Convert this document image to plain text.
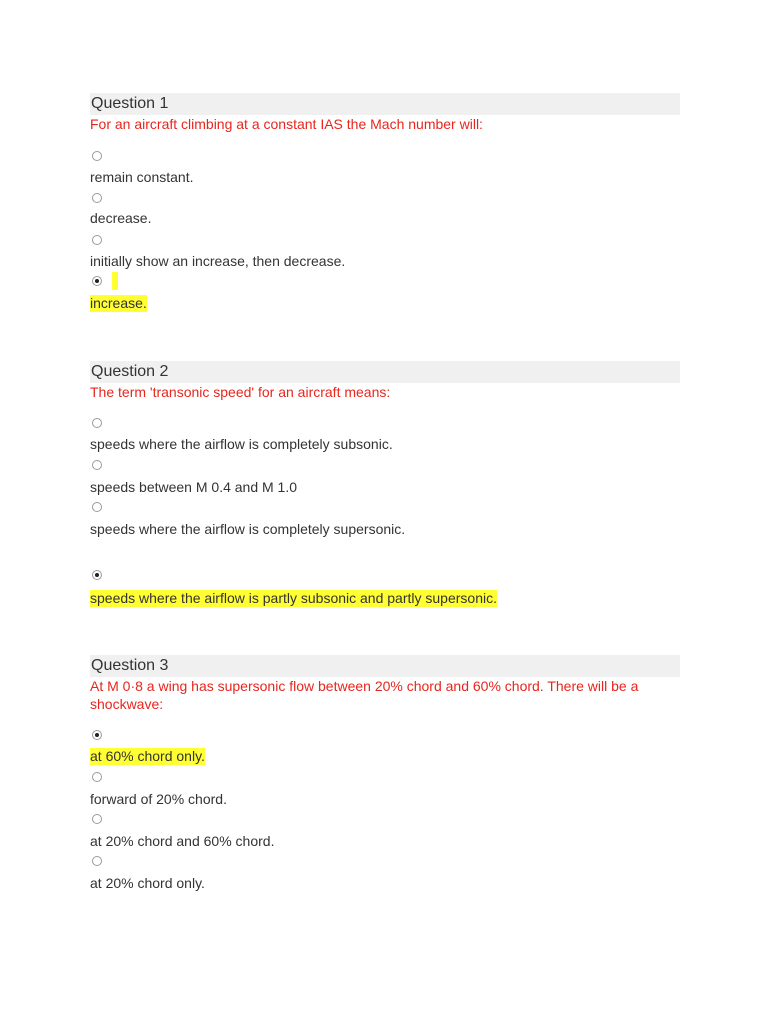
Question 1
For an aircraft climbing at a constant IAS the Mach number will:
remain constant.
decrease.
initially show an increase, then decrease.
increase.
Question 2
The term 'transonic speed' for an aircraft means:
speeds where the airflow is completely subsonic.
speeds between M 0.4 and M 1.0
speeds where the airflow is completely supersonic.
speeds where the airflow is partly subsonic and partly supersonic.
Question 3
At M 0·8 a wing has supersonic flow between 20% chord and 60% chord. There will be a shockwave:
at 60% chord only.
forward of 20% chord.
at 20% chord and 60% chord.
at 20% chord only.
